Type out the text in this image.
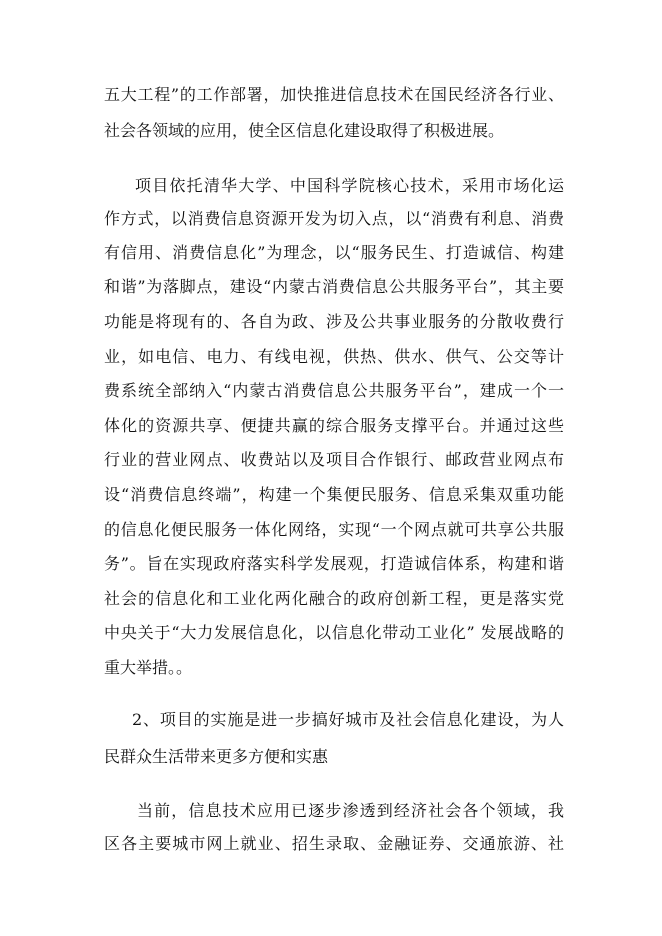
五大工程”的工作部署，加快推进信息技术在国民经济各行业、
社会各领域的应用，使全区信息化建设取得了积极进展。
项目依托清华大学、中国科学院核心技术，采用市场化运
作方式，以消费信息资源开发为切入点，以“消费有利息、消费
有信用、消费信息化”为理念，以“服务民生、打造诚信、构建
和谐”为落脚点，建设“内蒙古消费信息公共服务平台”，其主要
功能是将现有的、各自为政、涉及公共事业服务的分散收费行
业，如电信、电力、有线电视，供热、供水、供气、公交等计
费系统全部纳入“内蒙古消费信息公共服务平台”，建成一个一
体化的资源共享、便捷共赢的综合服务支撑平台。并通过这些
行业的营业网点、收费站以及项目合作银行、邮政营业网点布
设“消费信息终端”，构建一个集便民服务、信息采集双重功能
的信息化便民服务一体化网络，实现“一个网点就可共享公共服
务”。旨在实现政府落实科学发展观，打造诚信体系，构建和谐
社会的信息化和工业化两化融合的政府创新工程，更是落实党
中央关于“大力发展信息化，以信息化带动工业化” 发展战略的
重大举措。。
2、项目的实施是进一步搞好城市及社会信息化建设，为人
民群众生活带来更多方便和实惠
当前，信息技术应用已逐步渗透到经济社会各个领域，我
区各主要城市网上就业、招生录取、金融证券、交通旅游、社
